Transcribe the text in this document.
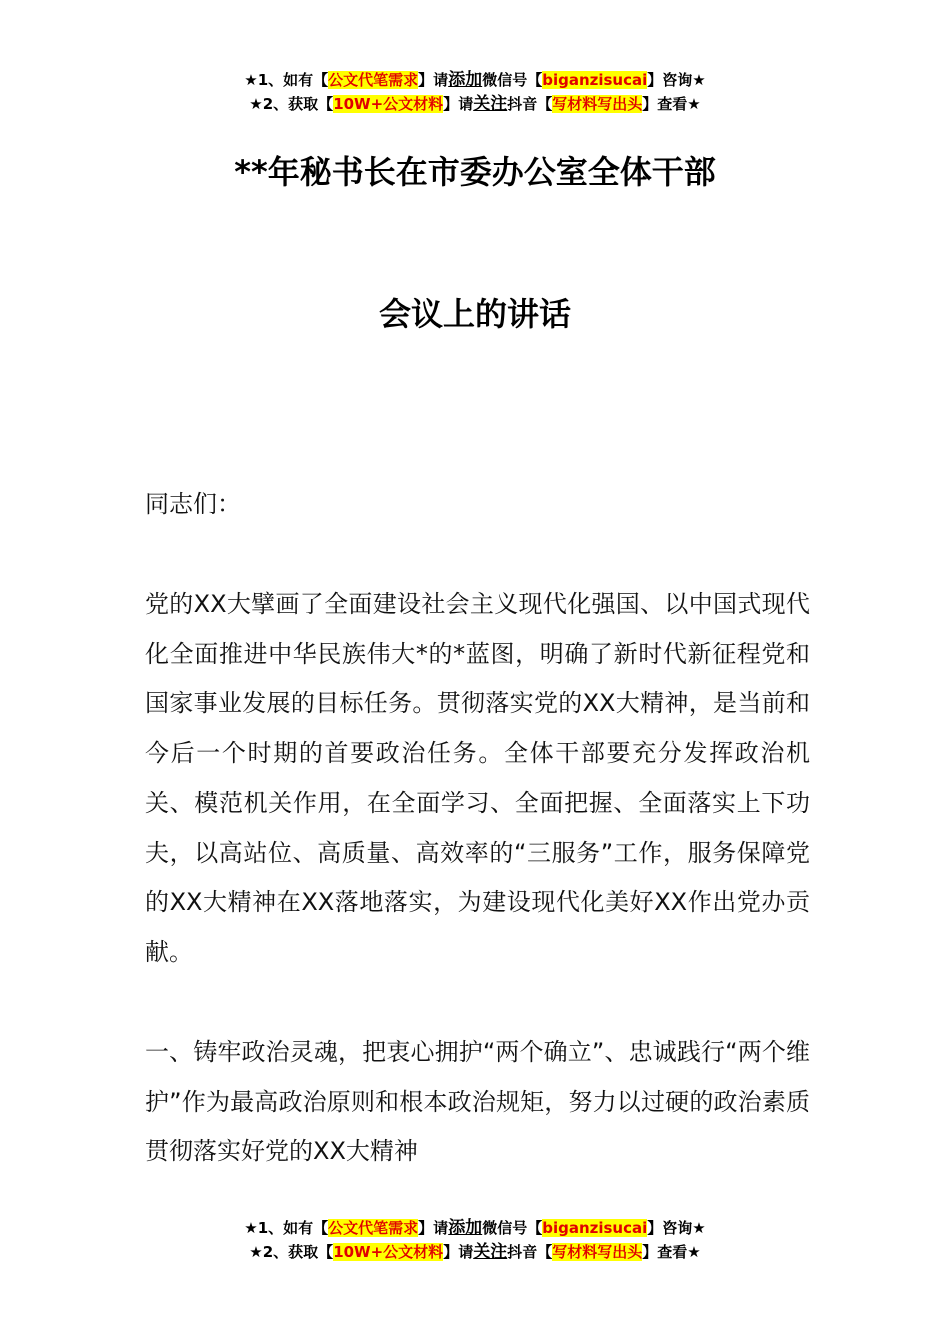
★1、如有【公文代笔需求】请添加微信号【biganzisucai】咨询★
★2、获取【10W+公文材料】请关注抖音【写材料写出头】查看★
**年秘书长在市委办公室全体干部
会议上的讲话
同志们：
党的XX大擘画了全面建设社会主义现代化强国、以中国式现代化全面推进中华民族伟大*的*蓝图，明确了新时代新征程党和国家事业发展的目标任务。贯彻落实党的XX大精神，是当前和今后一个时期的首要政治任务。全体干部要充分发挥政治机关、模范机关作用，在全面学习、全面把握、全面落实上下功夫，以高站位、高质量、高效率的“三服务”工作，服务保障党的XX大精神在XX落地落实，为建设现代化美好XX作出党办贡献。
一、铸牢政治灵魂，把衷心拥护“两个确立”、忠诚践行“两个维护”作为最高政治原则和根本政治规矩，努力以过硬的政治素质贯彻落实好党的XX大精神
★1、如有【公文代笔需求】请添加微信号【biganzisucai】咨询★
★2、获取【10W+公文材料】请关注抖音【写材料写出头】查看★
